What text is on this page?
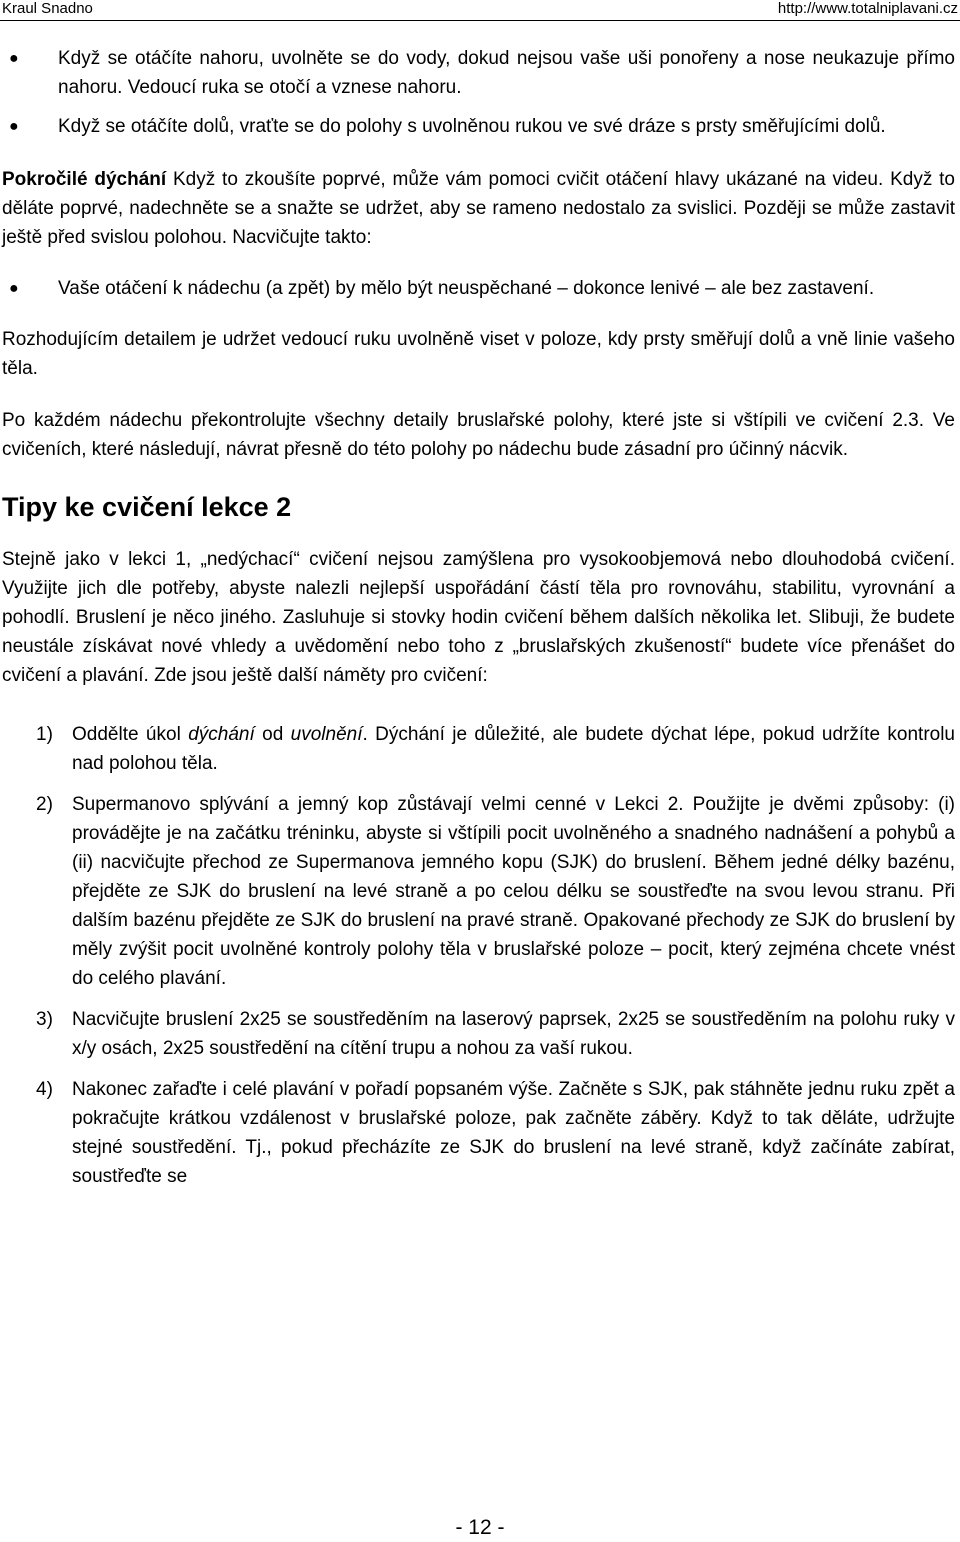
Kraul Snadno	http://www.totalniplavani.cz
● Když se otáčíte nahoru, uvolněte se do vody, dokud nejsou vaše uši ponořeny a nose neukazuje přímo nahoru. Vedoucí ruka se otočí a vznese nahoru.
● Když se otáčíte dolů, vraťte se do polohy s uvolněnou rukou ve své dráze s prsty směřujícími dolů.

Pokročilé dýchání Když to zkoušíte poprvé, může vám pomoci cvičit otáčení hlavy ukázané na videu. Když to děláte poprvé, nadechněte se a snažte se udržet, aby se rameno nedostalo za svislici. Později se může zastavit ještě před svislou polohou. Nacvičujte takto:

● Vaše otáčení k nádechu (a zpět) by mělo být neuspěchané – dokonce lenivé – ale bez zastavení.

Rozhodujícím detailem je udržet vedoucí ruku uvolněně viset v poloze, kdy prsty směřují dolů a vně linie vašeho těla.

Po každém nádechu překontrolujte všechny detaily bruslařské polohy, které jste si vštípili ve cvičení 2.3. Ve cvičeních, které následují, návrat přesně do této polohy po nádechu bude zásadní pro účinný nácvik.

Tipy ke cvičení lekce 2

Stejně jako v lekci 1, „nedýchací“ cvičení nejsou zamýšlena pro vysokoobjemová nebo dlouhodobá cvičení. Využijte jich dle potřeby, abyste nalezli nejlepší uspořádání částí těla pro rovnováhu, stabilitu, vyrovnání a pohodlí. Bruslení je něco jiného. Zasluhuje si stovky hodin cvičení během dalších několika let. Slibuji, že budete neustále získávat nové vhledy a uvědomění nebo toho z „bruslařských zkušeností“ budete více přenášet do cvičení a plavání. Zde jsou ještě další náměty pro cvičení:

1) Oddělte úkol dýchání od uvolnění. Dýchání je důležité, ale budete dýchat lépe, pokud udržíte kontrolu nad polohou těla.
2) Supermanovo splývání a jemný kop zůstávají velmi cenné v Lekci 2. Použijte je dvěmi způsoby: (i) provádějte je na začátku tréninku, abyste si vštípili pocit uvolněného a snadného nadnášení a pohybů a (ii) nacvičujte přechod ze Supermanova jemného kopu (SJK) do bruslení. Během jedné délky bazénu, přejděte ze SJK do bruslení na levé straně a po celou délku se soustřeďte na svou levou stranu. Při dalším bazénu přejděte ze SJK do bruslení na pravé straně. Opakované přechody ze SJK do bruslení by měly zvýšit pocit uvolněné kontroly polohy těla v bruslařské poloze – pocit, který zejména chcete vnést do celého plavání.
3) Nacvičujte bruslení 2x25 se soustředěním na laserový paprsek, 2x25 se soustředěním na polohu ruky v x/y osách, 2x25 soustředění na cítění trupu a nohou za vaší rukou.
4) Nakonec zařaďte i celé plavání v pořadí popsaném výše. Začněte s SJK, pak stáhněte jednu ruku zpět a pokračujte krátkou vzdálenost v bruslařské poloze, pak začněte záběry. Když to tak děláte, udržujte stejné soustředění. Tj., pokud přecházíte ze SJK do bruslení na levé straně, když začínáte zabírat, soustřeďte se
- 12 -
